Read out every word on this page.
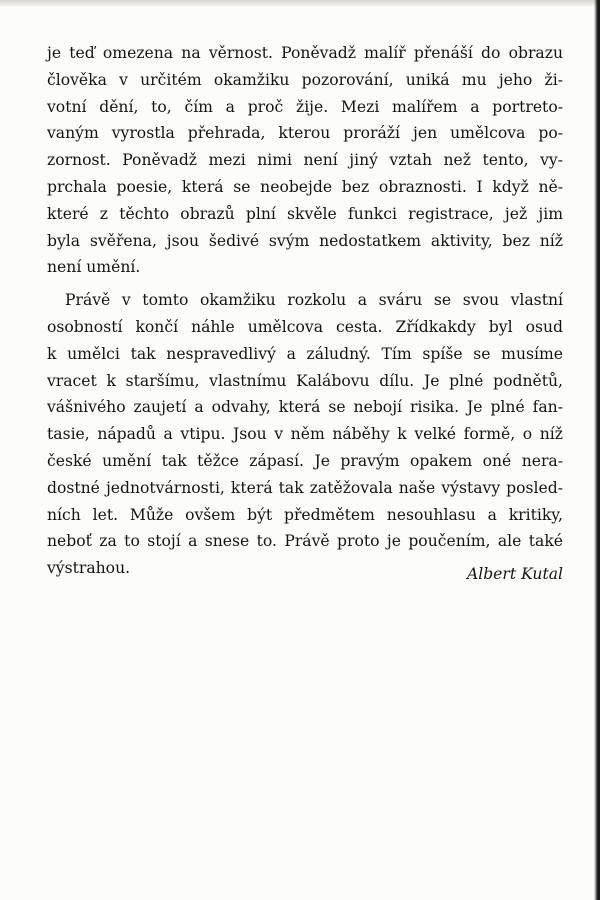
je teď omezena na věrnost. Poněvadž malíř přenáší do obrazu
člověka v určitém okamžiku pozorování, uniká mu jeho ži-
votní dění, to, čím a proč žije. Mezi malířem a portreto-
vaným vyrostla přehrada, kterou proráží jen umělcova po-
zornost. Poněvadž mezi nimi není jiný vztah než tento, vy-
prchala poesie, která se neobejde bez obraznosti. I když ně-
které z těchto obrazů plní skvěle funkci registrace, jež jim
byla svěřena, jsou šedivé svým nedostatkem aktivity, bez níž
není umění.
Právě v tomto okamžiku rozkolu a sváru se svou vlastní
osobností končí náhle umělcova cesta. Zřídkakdy byl osud
k umělci tak nespravedlivý a záludný. Tím spíše se musíme
vracet k staršímu, vlastnímu Kalábovu dílu. Je plné podnětů,
vášnivého zaujetí a odvahy, která se nebojí risika. Je plné fan-
tasie, nápadů a vtipu. Jsou v něm náběhy k velké formě, o níž
české umění tak těžce zápasí. Je pravým opakem oné nera-
dostné jednotvárnosti, která tak zatěžovala naše výstavy posled-
ních let. Může ovšem být předmětem nesouhlasu a kritiky,
neboť za to stojí a snese to. Právě proto je poučením, ale také
výstrahou.	Albert Kutal
